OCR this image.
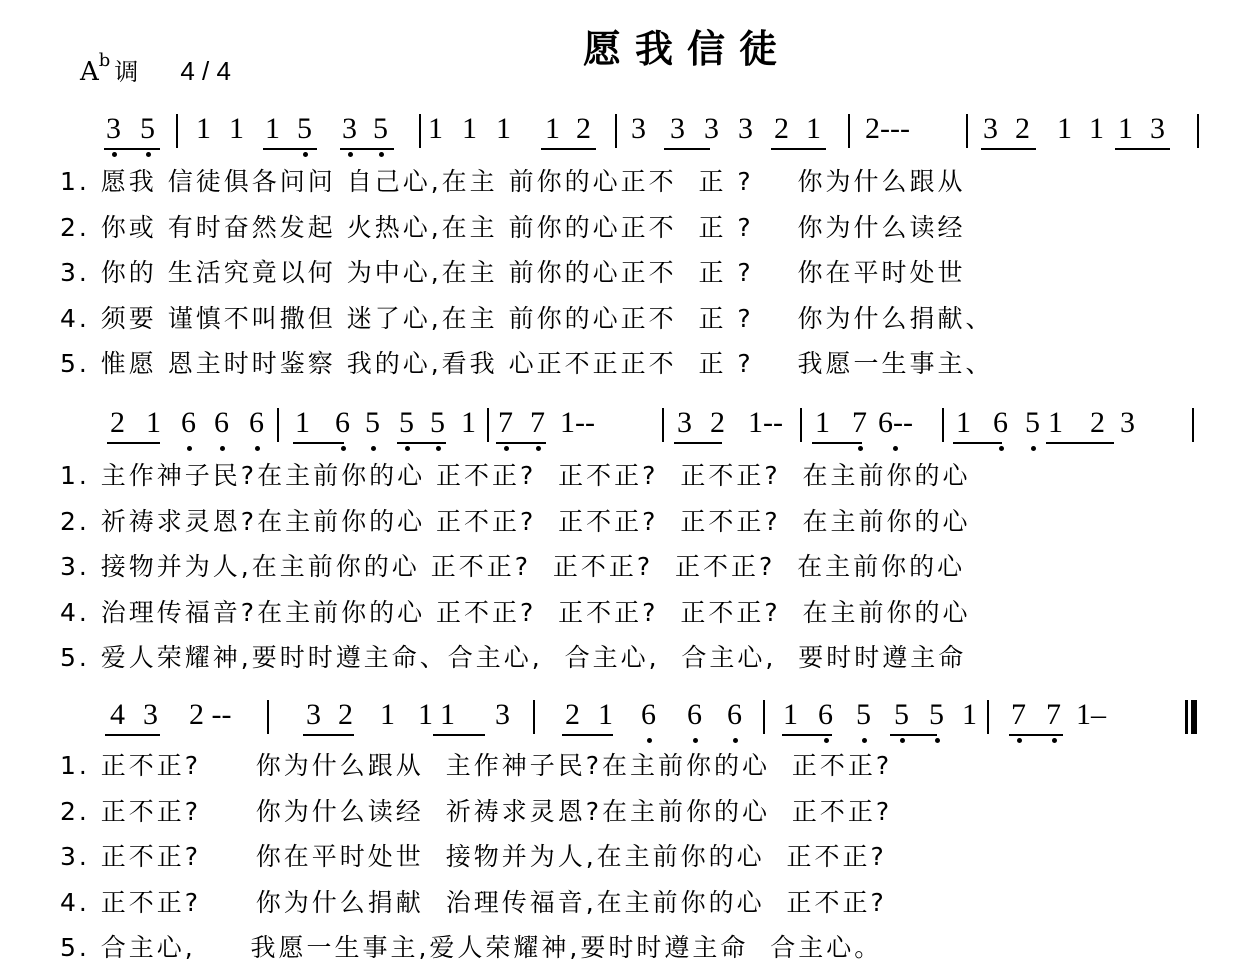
愿我信徒
$A^b$ 调 4 / 4
3 5 1 1 1 5 3 5 1 1 1 1 2 3 3 3 3 2 1 2--- 3 2 1 1 1 3
2 1 6 6 6 1 6 5 5 5 1 7 7 1--	3 2 1-- 1 7 6-- 1 6 5 1 2 3
4 3 2 -- 3 2 1 1 1 3 2 1 6 6 6 1 6 5 5 5 1 7 7 1–
1. 愿我 信徒俱各问问 自己心,在主 前你的心正不  正 ?    你为什么跟从
2. 你或 有时奋然发起 火热心,在主 前你的心正不  正 ?    你为什么读经
3. 你的 生活究竟以何 为中心,在主 前你的心正不  正 ?    你在平时处世
4. 须要 谨慎不叫撒但 迷了心,在主 前你的心正不  正 ?    你为什么捐献、
5. 惟愿 恩主时时鉴察 我的心,看我 心正不正正不  正 ?    我愿一生事主、
1. 主作神子民?在主前你的心 正不正?  正不正?  正不正?  在主前你的心
2. 祈祷求灵恩?在主前你的心 正不正?  正不正?  正不正?  在主前你的心
3. 接物并为人,在主前你的心 正不正?  正不正?  正不正?  在主前你的心
4. 治理传福音?在主前你的心 正不正?  正不正?  正不正?  在主前你的心
5. 爱人荣耀神,要时时遵主命、合主心,  合主心,  合主心,  要时时遵主命
1. 正不正?     你为什么跟从  主作神子民?在主前你的心  正不正?
2. 正不正?     你为什么读经  祈祷求灵恩?在主前你的心  正不正?
3. 正不正?     你在平时处世  接物并为人,在主前你的心  正不正?
4. 正不正?     你为什么捐献  治理传福音,在主前你的心  正不正?
5. 合主心,     我愿一生事主,爱人荣耀神,要时时遵主命  合主心。
